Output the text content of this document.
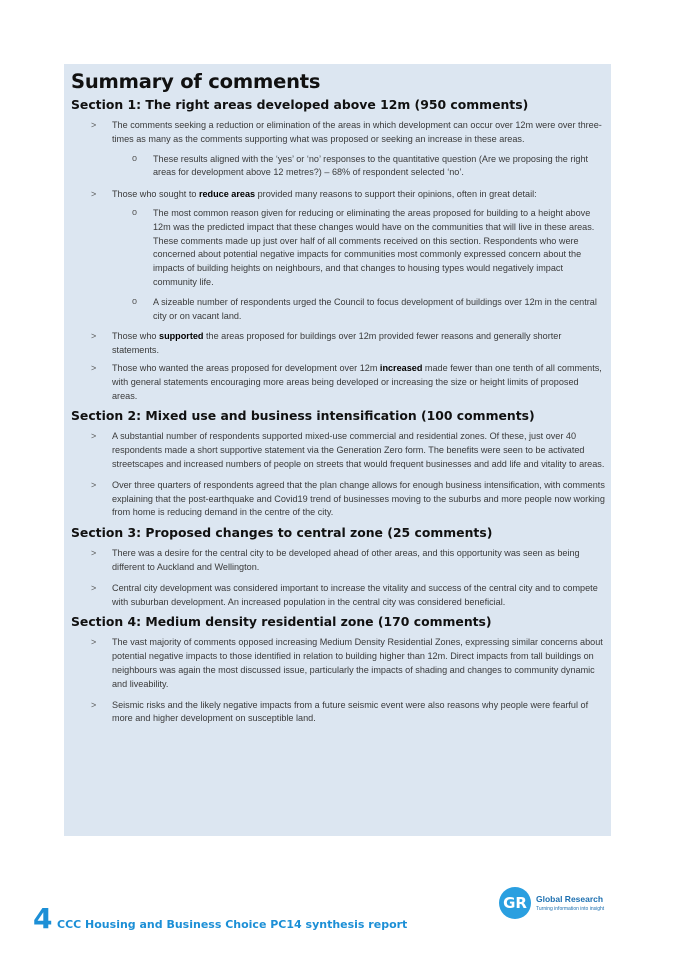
Summary of comments
Section 1: The right areas developed above 12m (950 comments)
> The comments seeking a reduction or elimination of the areas in which development can occur over 12m were over three-times as many as the comments supporting what was proposed or seeking an increase in these areas.
o These results aligned with the ‘yes’ or ‘no’ responses to the quantitative question (Are we proposing the right areas for development above 12 metres?) – 68% of respondent selected ‘no’.
> Those who sought to reduce areas provided many reasons to support their opinions, often in great detail:
o The most common reason given for reducing or eliminating the areas proposed for building to a height above 12m was the predicted impact that these changes would have on the communities that will live in these areas. These comments made up just over half of all comments received on this section. Respondents who were concerned about potential negative impacts for communities most commonly expressed concern about the impacts of building heights on neighbours, and that changes to housing types would negatively impact community life.
o A sizeable number of respondents urged the Council to focus development of buildings over 12m in the central city or on vacant land.
> Those who supported the areas proposed for buildings over 12m provided fewer reasons and generally shorter statements.
> Those who wanted the areas proposed for development over 12m increased made fewer than one tenth of all comments, with general statements encouraging more areas being developed or increasing the size or height limits of proposed areas.
Section 2: Mixed use and business intensification (100 comments)
> A substantial number of respondents supported mixed-use commercial and residential zones. Of these, just over 40 respondents made a short supportive statement via the Generation Zero form. The benefits were seen to be activated streetscapes and increased numbers of people on streets that would frequent businesses and add life and vitality to areas.
> Over three quarters of respondents agreed that the plan change allows for enough business intensification, with comments explaining that the post-earthquake and Covid19 trend of businesses moving to the suburbs and more people now working from home is reducing demand in the centre of the city.
Section 3: Proposed changes to central zone (25 comments)
> There was a desire for the central city to be developed ahead of other areas, and this opportunity was seen as being different to Auckland and Wellington.
> Central city development was considered important to increase the vitality and success of the central city and to compete with suburban development. An increased population in the central city was considered beneficial.
Section 4: Medium density residential zone (170 comments)
> The vast majority of comments opposed increasing Medium Density Residential Zones, expressing similar concerns about potential negative impacts to those identified in relation to building higher than 12m. Direct impacts from tall buildings on neighbours was again the most discussed issue, particularly the impacts of shading and changes to community dynamic and liveability.
> Seismic risks and the likely negative impacts from a future seismic event were also reasons why people were fearful of more and higher development on susceptible land.
GR	Global Research
Turning information into insight
4 CCC Housing and Business Choice PC14 synthesis report
